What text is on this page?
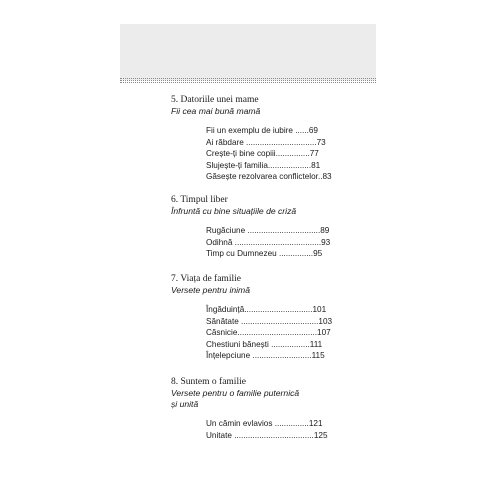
5. Datoriile unei mame
Fii cea mai bună mamă
Fii un exemplu de iubire ......69
Ai răbdare ...............................73
Crește-ți bine copiii...............77
Slujește-ți familia...................81
Găsește rezolvarea conflictelor..83
6. Timpul liber
Înfruntă cu bine situațiile de criză
Rugăciune ................................89
Odihnă ......................................93
Timp cu Dumnezeu ...............95
7. Viața de familie
Versete pentru inimă
Îngăduință..............................101
Sănătate ..................................103
Căsnicie...................................107
Chestiuni bănești .................111
Înțelepciune ..........................115
8. Suntem o familie
Versete pentru o familie puternică
și unită
Un cămin evlavios ...............121
Unitate ...................................125
